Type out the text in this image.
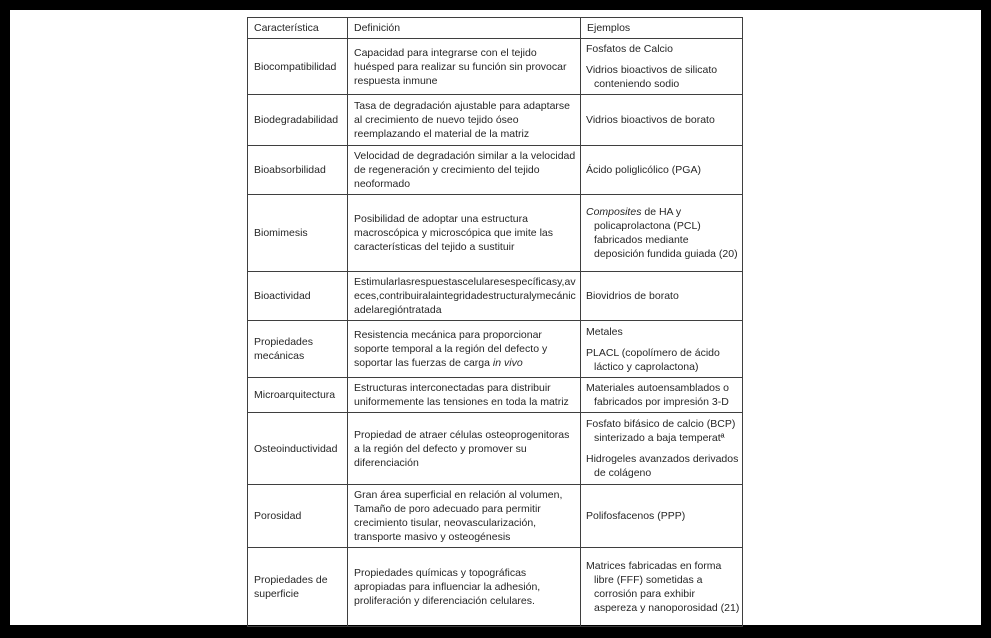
Característica	Definición	Ejemplos

Biocompatibilidad	Capacidad para integrarse con el tejido huésped para realizar su función sin provocar respuesta inmune	Fosfatos de Calcio

Vidrios bioactivos de silicato conteniendo sodio

Biodegradabilidad	Tasa de degradación ajustable para adaptarse al crecimiento de nuevo tejido óseo reemplazando el material de la matriz	Vidrios bioactivos de borato

Bioabsorbilidad	Velocidad de degradación similar a la velocidad de regeneración y crecimiento del tejido neoformado	Ácido poliglicólico (PGA)

Biomimesis	Posibilidad de adoptar una estructura macroscópica y microscópica que imite las características del tejido a sustituir	Composites de HA y policaprolactona (PCL) fabricados mediante deposición fundida guiada (20)

Bioactividad	Estimularlasrespuestascelularesespecíficasy,aveces,contribuiralaintegridadestructuralymecánicadelaregióntratada	Biovidrios de borato

Propiedades mecánicas	Resistencia mecánica para proporcionar soporte temporal a la región del defecto y soportar las fuerzas de carga in vivo	Metales

PLACL (copolímero de ácido láctico y caprolactona)

Microarquitectura	Estructuras interconectadas para distribuir uniformemente las tensiones en toda la matriz	Materiales autoensamblados o fabricados por impresión 3-D

Osteoinductividad	Propiedad de atraer células osteoprogenitoras a la región del defecto y promover su diferenciación	Fosfato bifásico de calcio (BCP) sinterizado a baja temperatª

Hidrogeles avanzados derivados de colágeno

Porosidad	Gran área superficial en relación al volumen, Tamaño de poro adecuado para permitir crecimiento tisular, neovascularización, transporte masivo y osteogénesis	Polifosfacenos (PPP)

Propiedades de superficie	Propiedades químicas y topográficas apropiadas para influenciar la adhesión, proliferación y diferenciación celulares.	Matrices fabricadas en forma libre (FFF) sometidas a corrosión para exhibir aspereza y nanoporosidad (21)
